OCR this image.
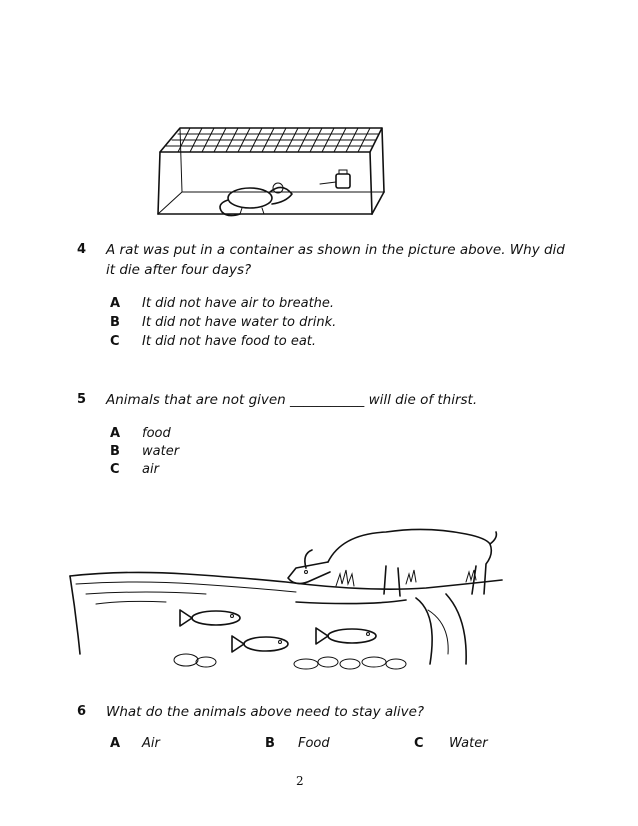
4 A rat was put in a container as shown in the picture above. Why did it die after four days?
A It did not have air to breathe.
B It did not have water to drink.
C It did not have food to eat.
5 Animals that are not given ___________ will die of thirst.
A food
B water
C air
6 What do the animals above need to stay alive?
A Air	B Food	C Water
2
